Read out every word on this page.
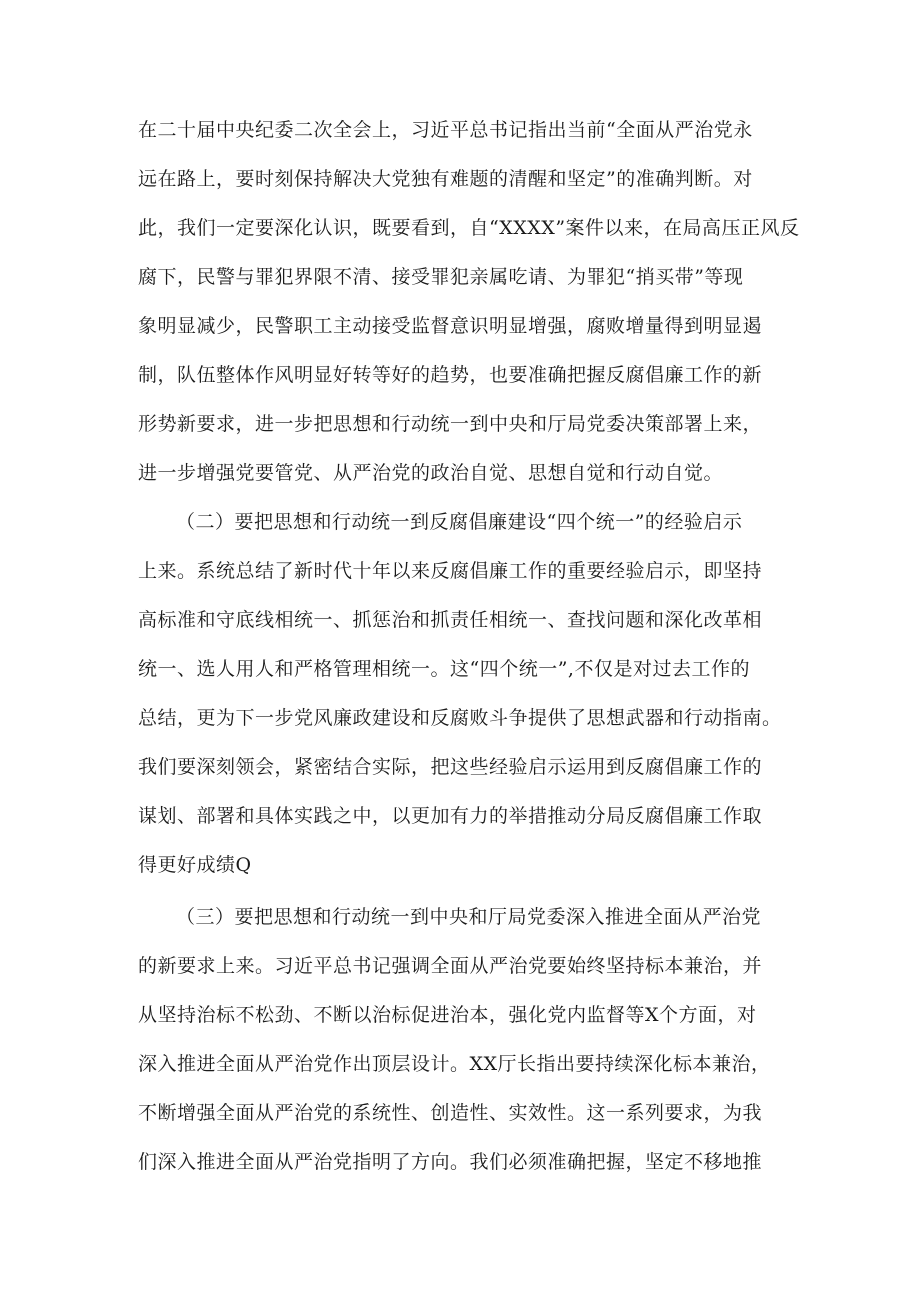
在二十届中央纪委二次全会上，习近平总书记指出当前“全面从严治党永
远在路上，要时刻保持解决大党独有难题的清醒和坚定”的准确判断。对
此，我们一定要深化认识，既要看到，自“XXXX”案件以来，在局高压正风反
腐下，民警与罪犯界限不清、接受罪犯亲属吃请、为罪犯“捎买带”等现
象明显减少，民警职工主动接受监督意识明显增强，腐败增量得到明显遏
制，队伍整体作风明显好转等好的趋势，也要准确把握反腐倡廉工作的新
形势新要求，进一步把思想和行动统一到中央和厅局党委决策部署上来，
进一步增强党要管党、从严治党的政治自觉、思想自觉和行动自觉。
（二）要把思想和行动统一到反腐倡廉建设“四个统一”的经验启示
上来。系统总结了新时代十年以来反腐倡廉工作的重要经验启示，即坚持
高标准和守底线相统一、抓惩治和抓责任相统一、查找问题和深化改革相
统一、选人用人和严格管理相统一。这“四个统一”,不仅是对过去工作的
总结，更为下一步党风廉政建设和反腐败斗争提供了思想武器和行动指南。
我们要深刻领会，紧密结合实际，把这些经验启示运用到反腐倡廉工作的
谋划、部署和具体实践之中，以更加有力的举措推动分局反腐倡廉工作取
得更好成绩Q
（三）要把思想和行动统一到中央和厅局党委深入推进全面从严治党
的新要求上来。习近平总书记强调全面从严治党要始终坚持标本兼治，并
从坚持治标不松劲、不断以治标促进治本，强化党内监督等X个方面，对
深入推进全面从严治党作出顶层设计。XX厅长指出要持续深化标本兼治，
不断增强全面从严治党的系统性、创造性、实效性。这一系列要求，为我
们深入推进全面从严治党指明了方向。我们必须准确把握，坚定不移地推
